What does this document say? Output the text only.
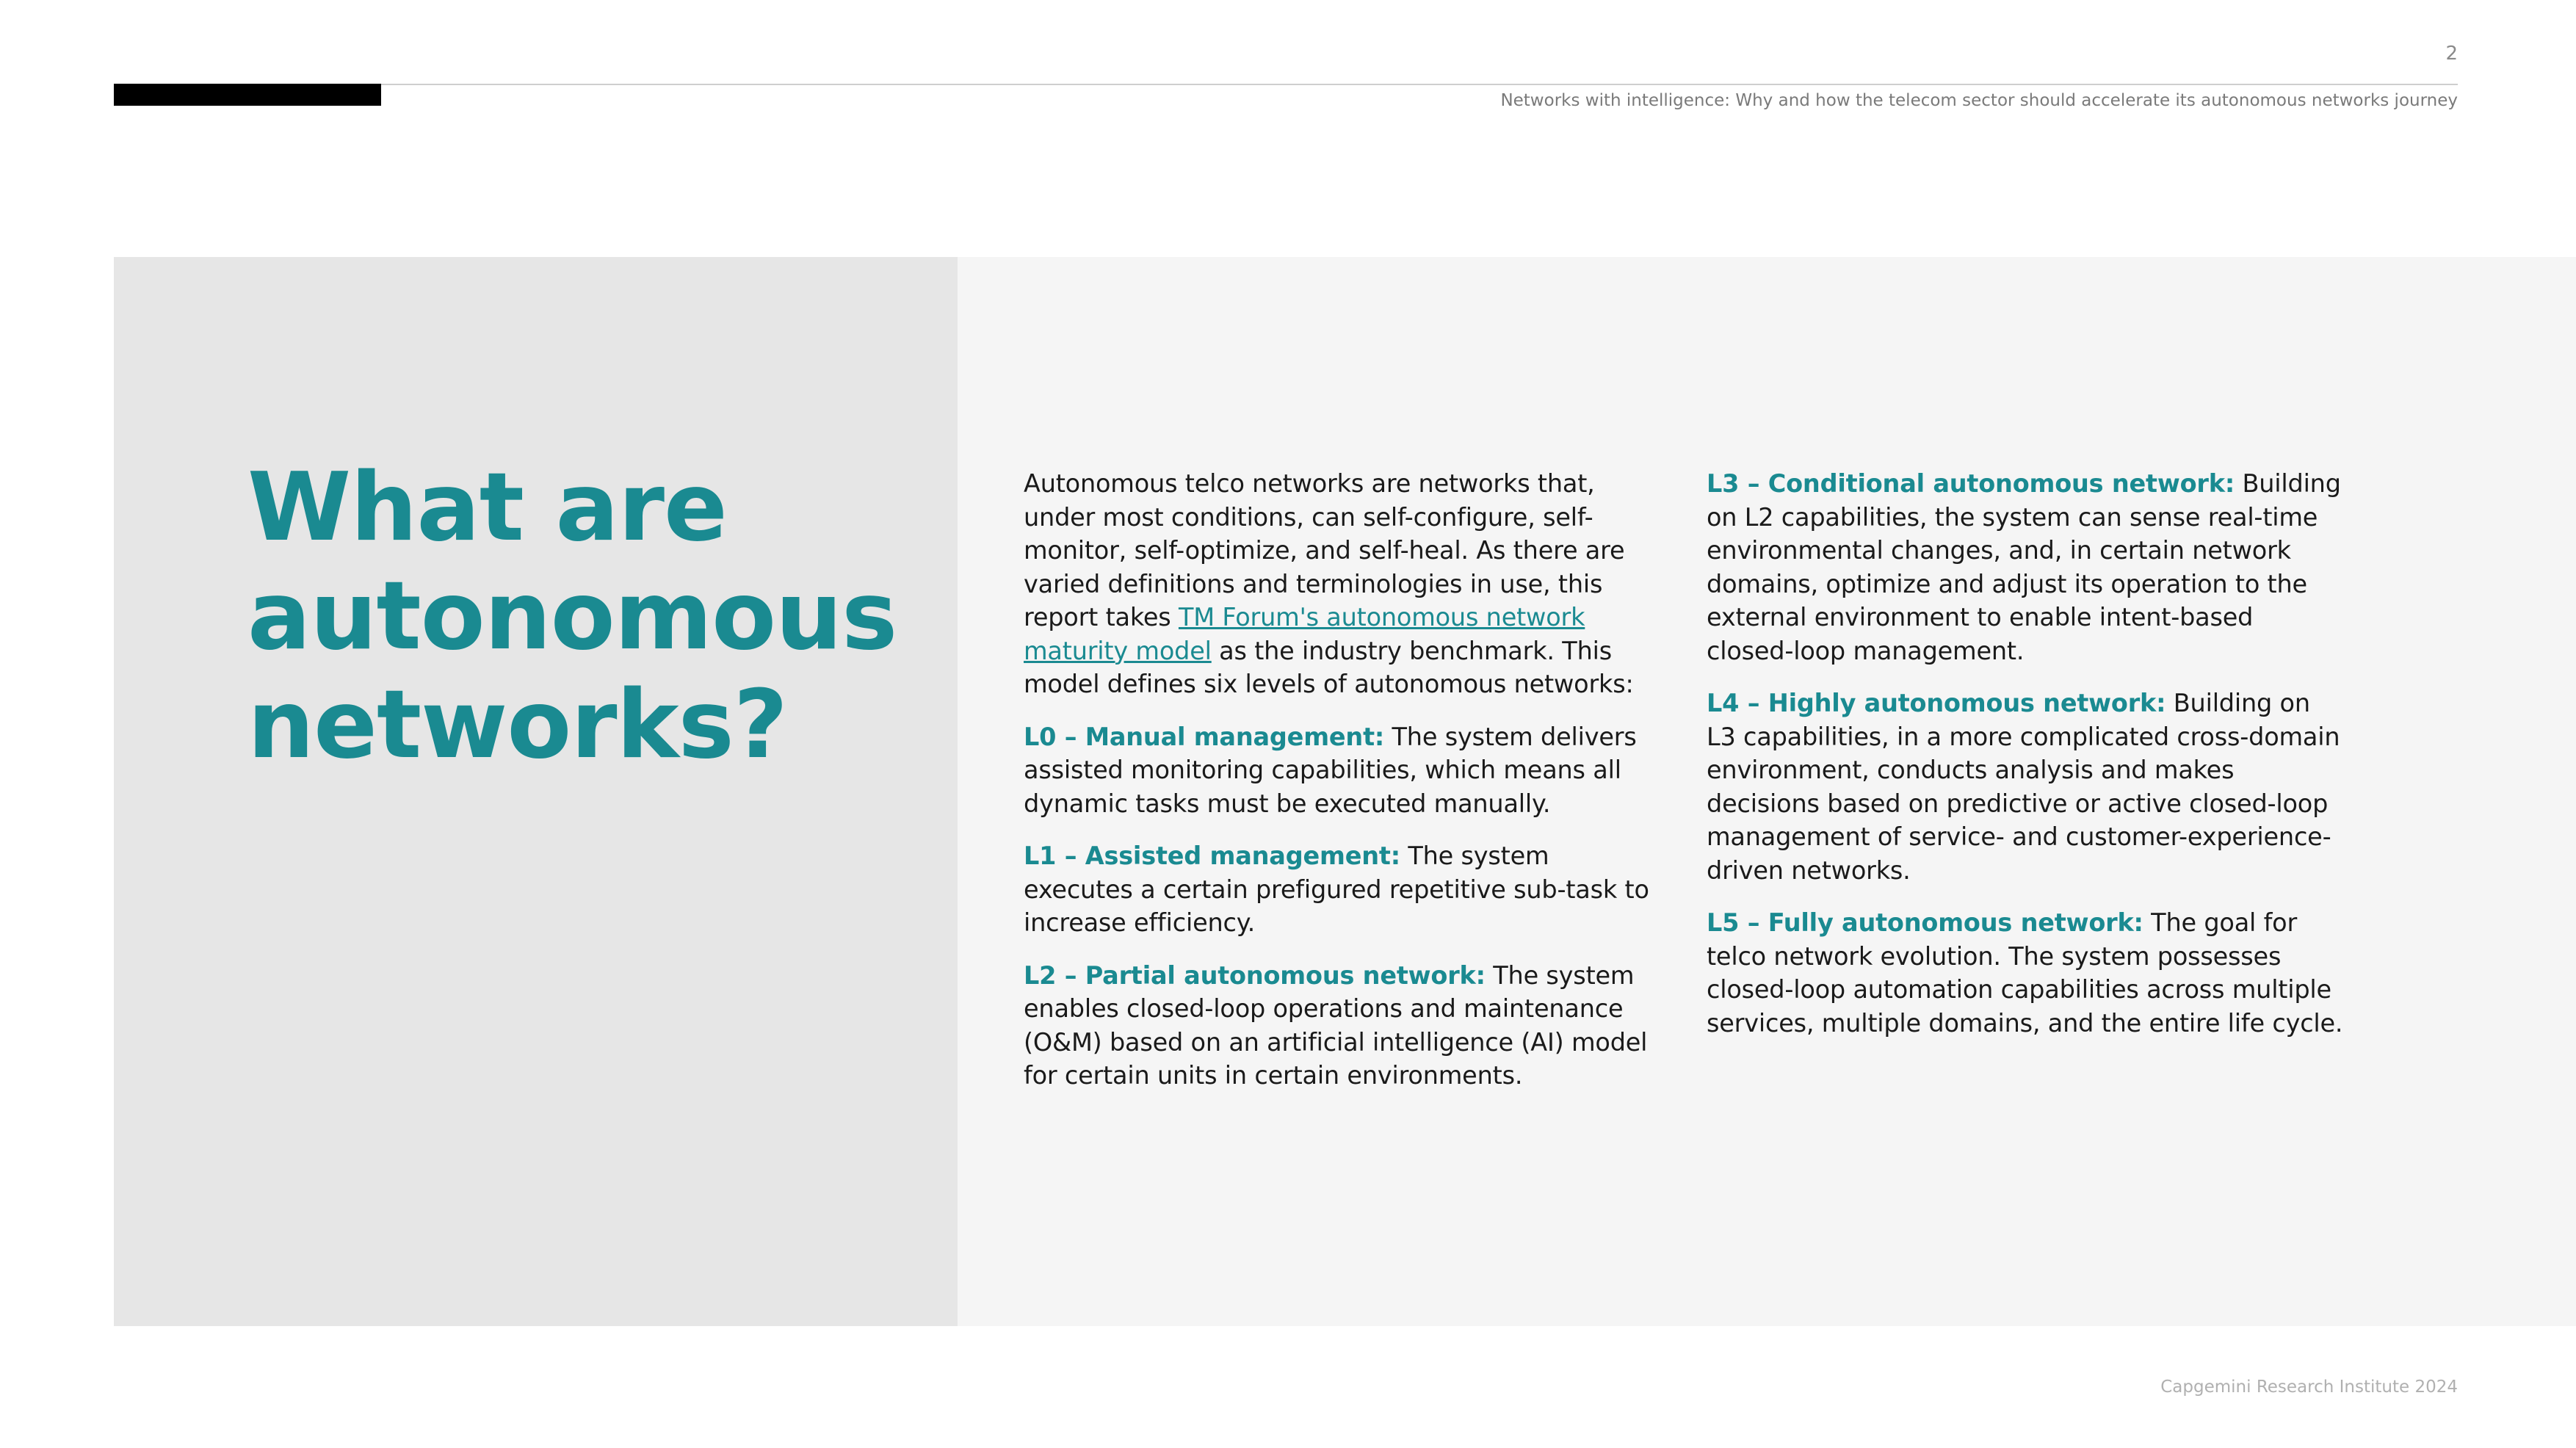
2
Networks with intelligence: Why and how the telecom sector should accelerate its autonomous networks journey
What are
autonomous
networks?

Autonomous telco networks are networks that, under most conditions, can self-configure, self-monitor, self-optimize, and self-heal. As there are varied definitions and terminologies in use, this report takes TM Forum's autonomous network maturity model as the industry benchmark. This model defines six levels of autonomous networks:

L0 – Manual management: The system delivers assisted monitoring capabilities, which means all dynamic tasks must be executed manually.

L1 – Assisted management: The system executes a certain prefigured repetitive sub-task to increase efficiency.

L2 – Partial autonomous network: The system enables closed-loop operations and maintenance (O&M) based on an artificial intelligence (AI) model for certain units in certain environments.

L3 – Conditional autonomous network: Building on L2 capabilities, the system can sense real-time environmental changes, and, in certain network domains, optimize and adjust its operation to the external environment to enable intent-based closed-loop management.

L4 – Highly autonomous network: Building on L3 capabilities, in a more complicated cross-domain environment, conducts analysis and makes decisions based on predictive or active closed-loop management of service- and customer-experience-driven networks.

L5 – Fully autonomous network: The goal for telco network evolution. The system possesses closed-loop automation capabilities across multiple services, multiple domains, and the entire life cycle.

Capgemini Research Institute 2024
